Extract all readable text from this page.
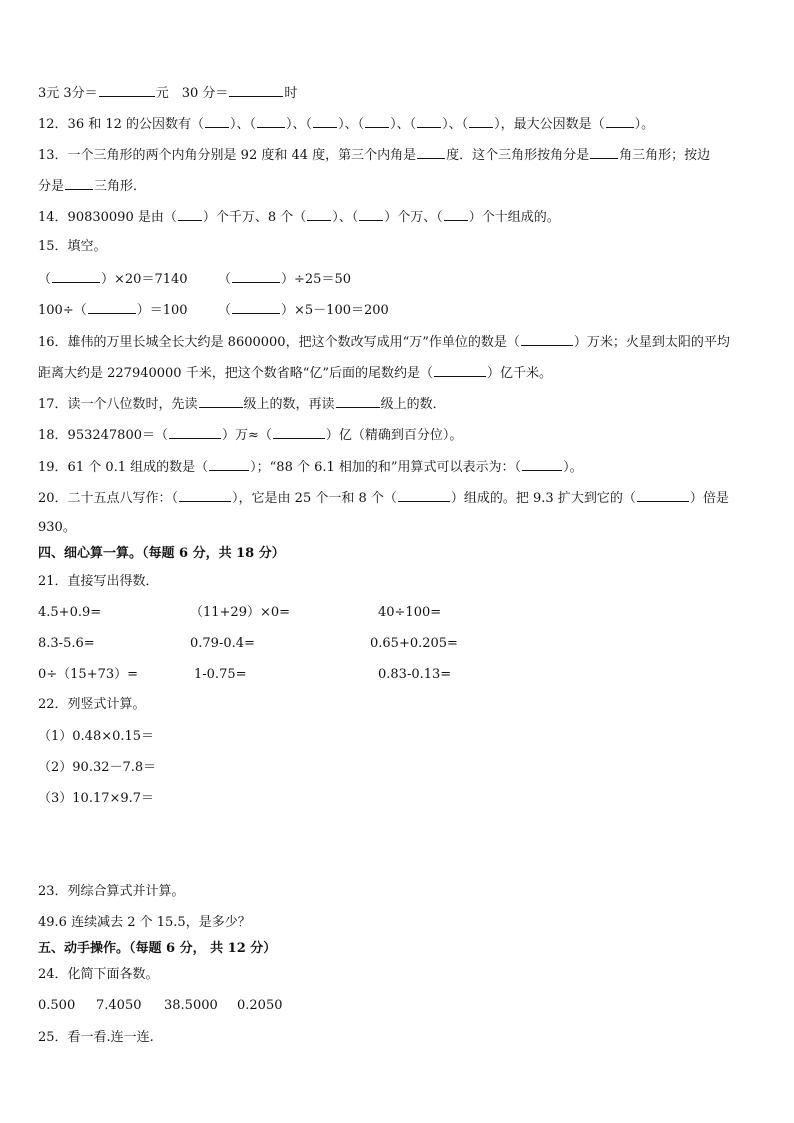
3元 3分＝	元　30 分＝	时
12．36 和 12 的公因数有（ ）、（ ）、（ ）、（ ）、（ ）、（ ），最大公因数是（ ）。
13．一个三角形的两个内角分别是 92 度和 44 度，第三个内角是 度．这个三角形按角分是 角三角形；按边
分是 三角形．
14．90830090 是由（ ）个千万、8 个（ ）、（ ）个万、（ ）个十组成的。
15．填空。
（	）×20＝7140 （	）÷25＝50
100÷（	）＝100 （	）×5－100＝200
16．雄伟的万里长城全长大约是 8600000，把这个数改写成用“万”作单位的数是（	）万米；火星到太阳的平均
距离大约是 227940000 千米，把这个数省略“亿”后面的尾数约是（	）亿千米。
17．读一个八位数时，先读	级上的数，再读	级上的数．
18．953247800＝（	）万≈（	）亿（精确到百分位）。
19．61 个 0.1 组成的数是（	）；“88 个 6.1 相加的和”用算式可以表示为：（	）。
20．二十五点八写作：（	），它是由 25 个一和 8 个（	）组成的。把 9.3 扩大到它的（	）倍是
930。
四、细心算一算。（每题 6 分，共 18 分）
21．直接写出得数．
4.5+0.9=	（11+29）×0=	40÷100=
8.3-5.6=	0.79-0.4=	0.65+0.205=
0÷（15+73）=	1-0.75=	0.83-0.13=
22．列竖式计算。
（1）0.48×0.15＝
（2）90.32－7.8＝
（3）10.17×9.7＝
23．列综合算式并计算。
49.6 连续减去 2 个 15.5，是多少？
五、动手操作。（每题 6 分， 共 12 分）
24．化简下面各数。
0.500 7.4050 38.5000 0.2050
25．看一看.连一连.
